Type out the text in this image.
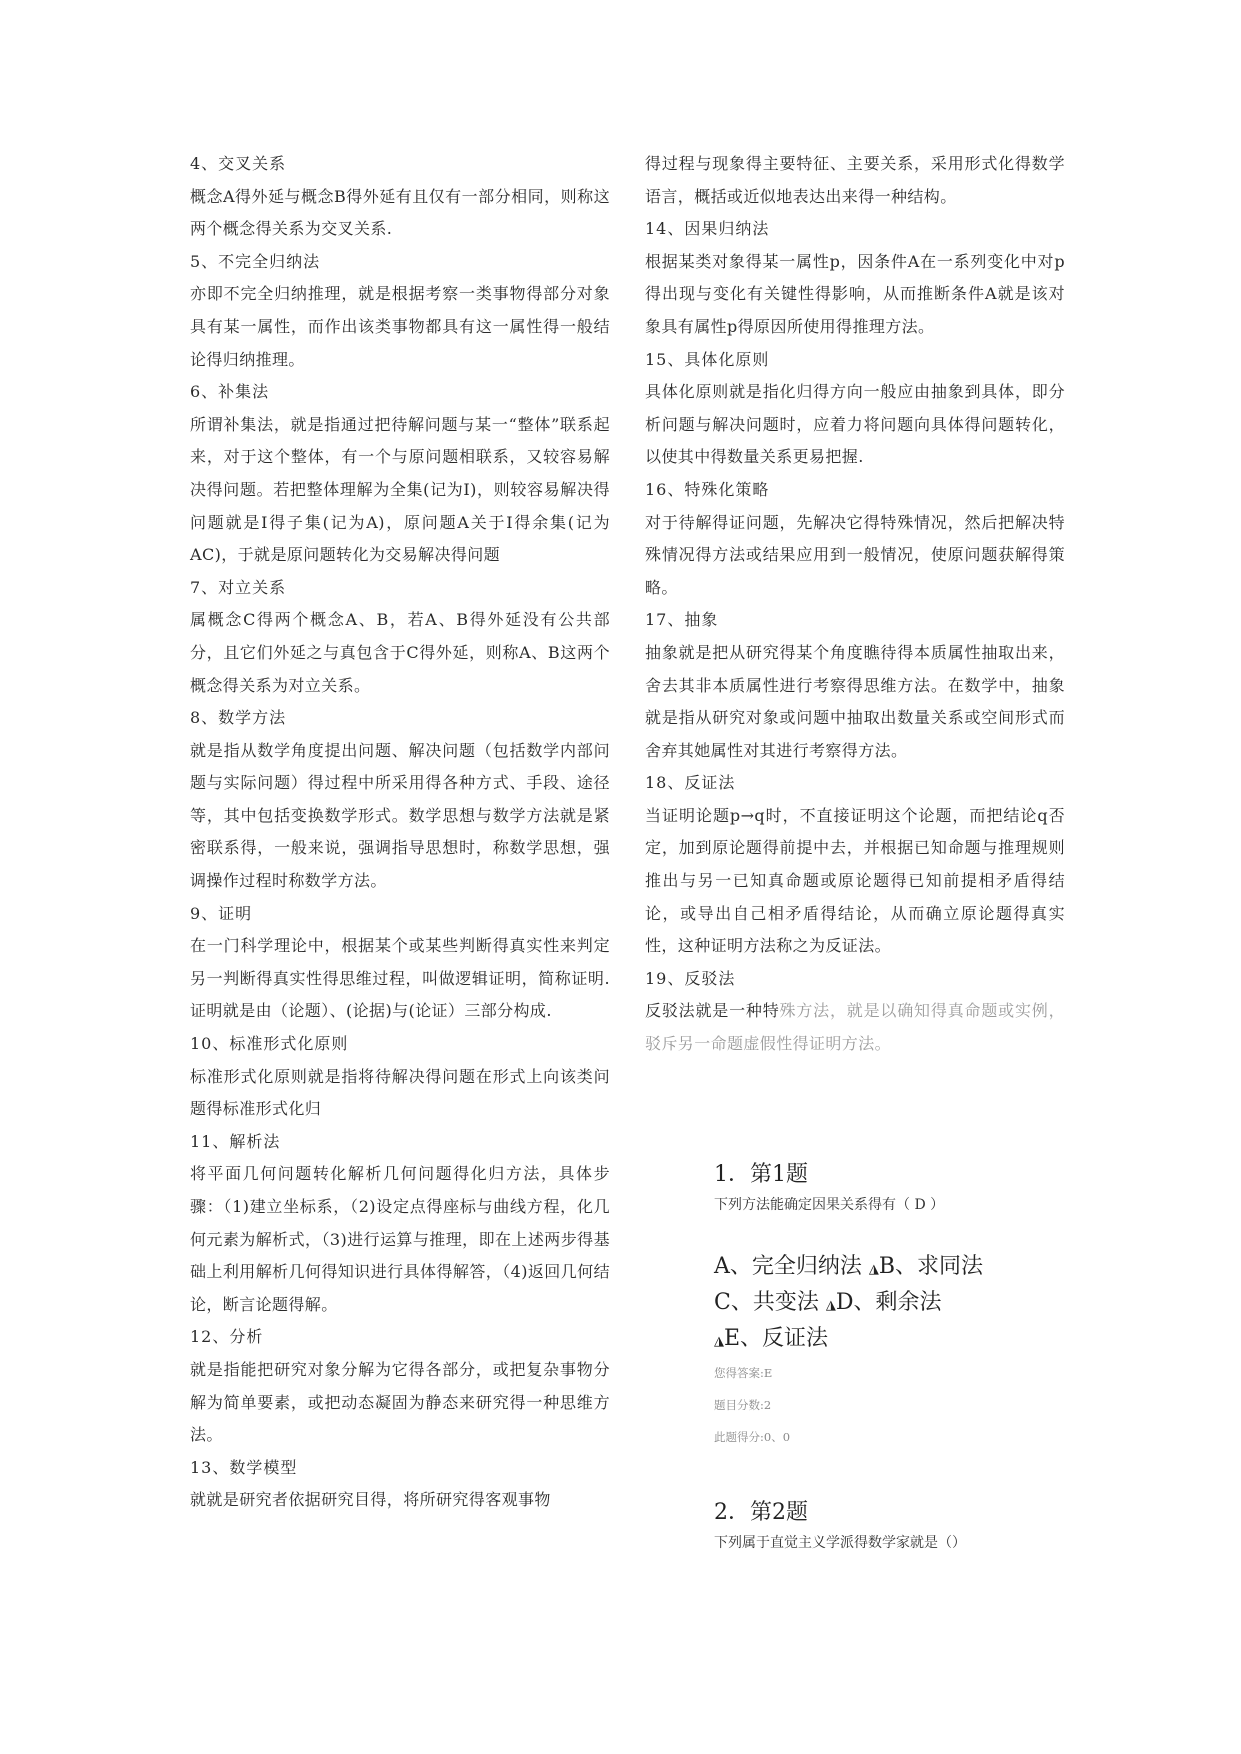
4、交叉关系

概念A得外延与概念B得外延有且仅有一部分相同，则称这两个概念得关系为交叉关系.

5、不完全归纳法

亦即不完全归纳推理，就是根据考察一类事物得部分对象具有某一属性，而作出该类事物都具有这一属性得一般结论得归纳推理。

6、补集法

所谓补集法，就是指通过把待解问题与某一“整体”联系起来，对于这个整体，有一个与原问题相联系，又较容易解决得问题。若把整体理解为全集(记为I)，则较容易解决得问题就是I得子集(记为A)，原问题A关于I得余集(记为AC)，于就是原问题转化为交易解决得问题

7、对立关系

属概念C得两个概念A、B，若A、B得外延没有公共部分，且它们外延之与真包含于C得外延，则称A、B这两个概念得关系为对立关系。

8、数学方法

就是指从数学角度提出问题、解决问题（包括数学内部问题与实际问题）得过程中所采用得各种方式、手段、途径等，其中包括变换数学形式。数学思想与数学方法就是紧密联系得，一般来说，强调指导思想时，称数学思想，强调操作过程时称数学方法。

9、证明

在一门科学理论中，根据某个或某些判断得真实性来判定另一判断得真实性得思维过程，叫做逻辑证明，简称证明.证明就是由（论题）、(论据)与(论证）三部分构成.

10、标准形式化原则

标准形式化原则就是指将待解决得问题在形式上向该类问题得标准形式化归

11、解析法

将平面几何问题转化解析几何问题得化归方法，具体步骤：（1)建立坐标系，（2)设定点得座标与曲线方程，化几何元素为解析式，（3)进行运算与推理，即在上述两步得基础上利用解析几何得知识进行具体得解答，（4)返回几何结论，断言论题得解。

12、分析

就是指能把研究对象分解为它得各部分，或把复杂事物分解为简单要素，或把动态凝固为静态来研究得一种思维方法。

13、数学模型

就就是研究者依据研究目得，将所研究得客观事物

得过程与现象得主要特征、主要关系，采用形式化得数学语言，概括或近似地表达出来得一种结构。

14、因果归纳法

根据某类对象得某一属性p，因条件A在一系列变化中对p得出现与变化有关键性得影响，从而推断条件A就是该对象具有属性p得原因所使用得推理方法。

15、具体化原则

具体化原则就是指化归得方向一般应由抽象到具体，即分析问题与解决问题时，应着力将问题向具体得问题转化，以使其中得数量关系更易把握.

16、特殊化策略

对于待解得证问题，先解决它得特殊情况，然后把解决特殊情况得方法或结果应用到一般情况，使原问题获解得策略。

17、抽象

抽象就是把从研究得某个角度瞧待得本质属性抽取出来，舍去其非本质属性进行考察得思维方法。在数学中，抽象就是指从研究对象或问题中抽取出数量关系或空间形式而舍弃其她属性对其进行考察得方法。

18、反证法

当证明论题p→q时，不直接证明这个论题，而把结论q否定，加到原论题得前提中去，并根据已知命题与推理规则推出与另一已知真命题或原论题得已知前提相矛盾得结论，或导出自己相矛盾得结论，从而确立原论题得真实性，这种证明方法称之为反证法。

19、反驳法

反驳法就是一种特殊方法，就是以确知得真命题或实例，驳斥另一命题虚假性得证明方法。

1．第1题

下列方法能确定因果关系得有（ D ）

A、完全归纳法 ◮B、求同法
C、共变法 ◮D、剩余法
◮E、反证法

您得答案:E

题目分数:2

此题得分:0、0

2．第2题

下列属于直觉主义学派得数学家就是（）
